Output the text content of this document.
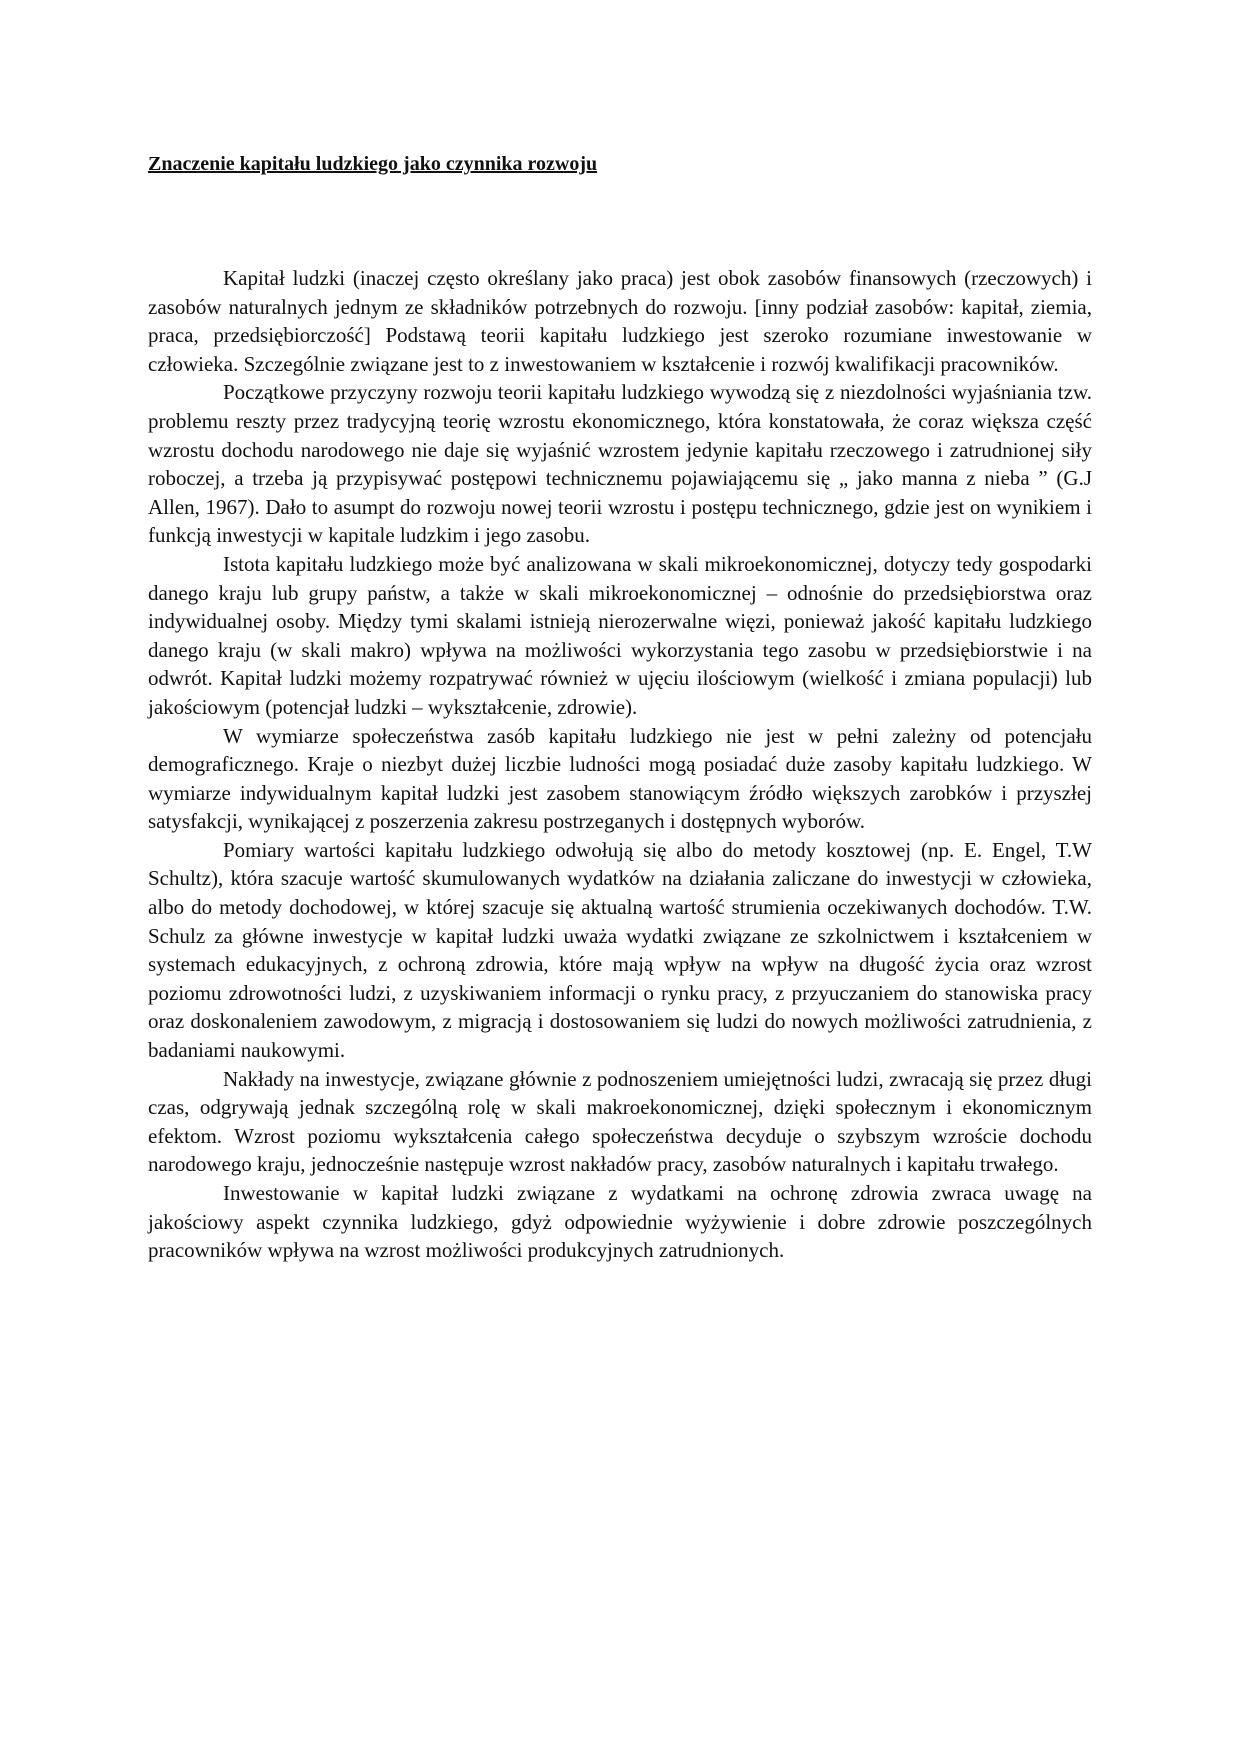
Znaczenie kapitału ludzkiego jako czynnika rozwoju

Kapitał ludzki (inaczej często określany jako praca) jest obok zasobów finansowych (rzeczowych) i zasobów naturalnych jednym ze składników potrzebnych do rozwoju. [inny podział zasobów: kapitał, ziemia, praca, przedsiębiorczość] Podstawą teorii kapitału ludzkiego jest szeroko rozumiane inwestowanie w człowieka. Szczególnie związane jest to z inwestowaniem w kształcenie i rozwój kwalifikacji pracowników.

Początkowe przyczyny rozwoju teorii kapitału ludzkiego wywodzą się z niezdolności wyjaśniania tzw. problemu reszty przez tradycyjną teorię wzrostu ekonomicznego, która konstatowała, że coraz większa część wzrostu dochodu narodowego nie daje się wyjaśnić wzrostem jedynie kapitału rzeczowego i zatrudnionej siły roboczej, a trzeba ją przypisywać postępowi technicznemu pojawiającemu się „ jako manna z nieba ” (G.J Allen, 1967). Dało to asumpt do rozwoju nowej teorii wzrostu i postępu technicznego, gdzie jest on wynikiem i funkcją inwestycji w kapitale ludzkim i jego zasobu.

Istota kapitału ludzkiego może być analizowana w skali mikroekonomicznej, dotyczy tedy gospodarki danego kraju lub grupy państw, a także w skali mikroekonomicznej – odnośnie do przedsiębiorstwa oraz indywidualnej osoby. Między tymi skalami istnieją nierozerwalne więzi, ponieważ jakość kapitału ludzkiego danego kraju (w skali makro) wpływa na możliwości wykorzystania tego zasobu w przedsiębiorstwie i na odwrót. Kapitał ludzki możemy rozpatrywać również w ujęciu ilościowym (wielkość i zmiana populacji) lub jakościowym (potencjał ludzki – wykształcenie, zdrowie).

W wymiarze społeczeństwa zasób kapitału ludzkiego nie jest w pełni zależny od potencjału demograficznego. Kraje o niezbyt dużej liczbie ludności mogą posiadać duże zasoby kapitału ludzkiego. W wymiarze indywidualnym kapitał ludzki jest zasobem stanowiącym źródło większych zarobków i przyszłej satysfakcji, wynikającej z poszerzenia zakresu postrzeganych i dostępnych wyborów.

Pomiary wartości kapitału ludzkiego odwołują się albo do metody kosztowej (np. E. Engel, T.W Schultz), która szacuje wartość skumulowanych wydatków na działania zaliczane do inwestycji w człowieka, albo do metody dochodowej, w której szacuje się aktualną wartość strumienia oczekiwanych dochodów. T.W. Schulz za główne inwestycje w kapitał ludzki uważa wydatki związane ze szkolnictwem i kształceniem w systemach edukacyjnych, z ochroną zdrowia, które mają wpływ na wpływ na długość życia oraz wzrost poziomu zdrowotności ludzi, z uzyskiwaniem informacji o rynku pracy, z przyuczaniem do stanowiska pracy oraz doskonaleniem zawodowym, z migracją i dostosowaniem się ludzi do nowych możliwości zatrudnienia, z badaniami naukowymi.

Nakłady na inwestycje, związane głównie z podnoszeniem umiejętności ludzi, zwracają się przez długi czas, odgrywają jednak szczególną rolę w skali makroekonomicznej, dzięki społecznym i ekonomicznym efektom. Wzrost poziomu wykształcenia całego społeczeństwa decyduje o szybszym wzroście dochodu narodowego kraju, jednocześnie następuje wzrost nakładów pracy, zasobów naturalnych i kapitału trwałego.

Inwestowanie w kapitał ludzki związane z wydatkami na ochronę zdrowia zwraca uwagę na jakościowy aspekt czynnika ludzkiego, gdyż odpowiednie wyżywienie i dobre zdrowie poszczególnych pracowników wpływa na wzrost możliwości produkcyjnych zatrudnionych.
